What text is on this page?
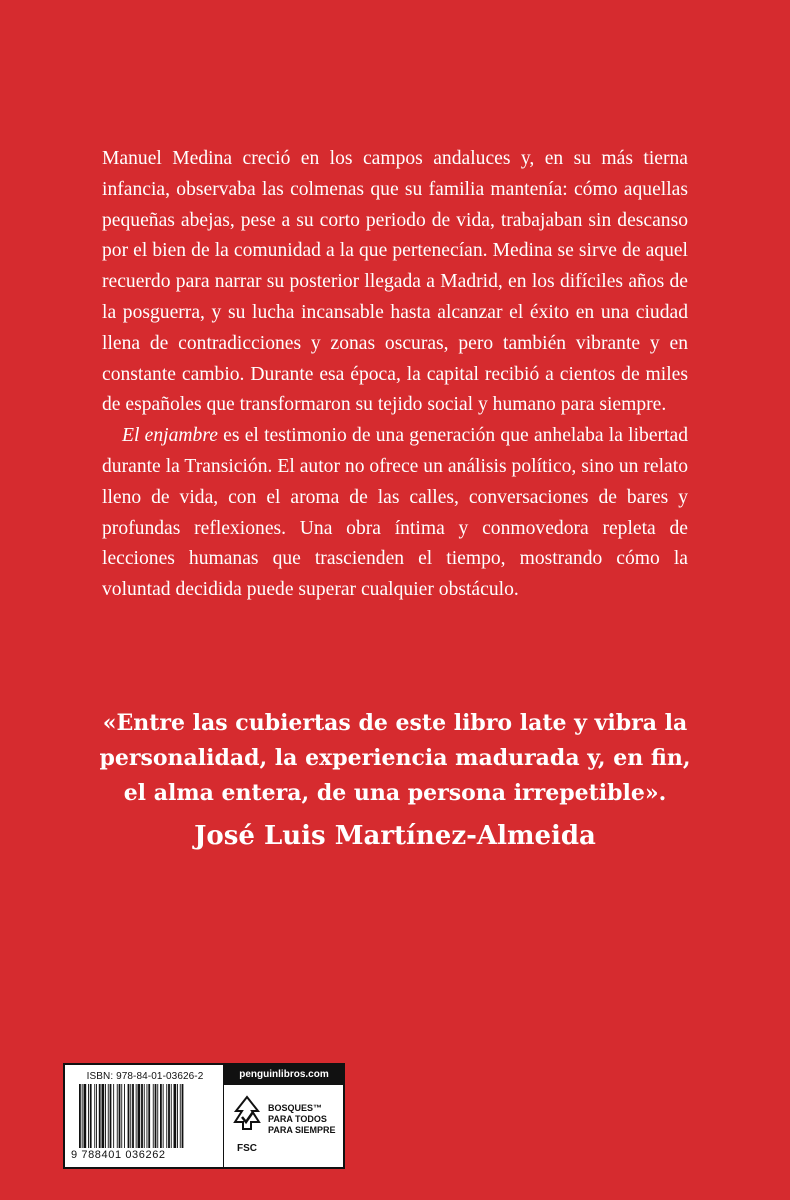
Manuel Medina creció en los campos andaluces y, en su más tierna infancia, observaba las colmenas que su familia mantenía: cómo aquellas pequeñas abejas, pese a su corto periodo de vida, trabajaban sin descanso por el bien de la comunidad a la que pertenecían. Medina se sirve de aquel recuerdo para narrar su posterior llegada a Madrid, en los difíciles años de la posguerra, y su lucha incansable hasta alcanzar el éxito en una ciudad llena de contradicciones y zonas oscuras, pero también vibrante y en constante cambio. Durante esa época, la capital recibió a cientos de miles de españoles que transformaron su tejido social y humano para siempre.

El enjambre es el testimonio de una generación que anhelaba la libertad durante la Transición. El autor no ofrece un análisis político, sino un relato lleno de vida, con el aroma de las calles, conversaciones de bares y profundas reflexiones. Una obra íntima y conmovedora repleta de lecciones humanas que trascienden el tiempo, mostrando cómo la voluntad decidida puede superar cualquier obstáculo.

«Entre las cubiertas de este libro late y vibra la
personalidad, la experiencia madurada y, en fin,
el alma entera, de una persona irrepetible».

José Luis Martínez-Almeida

ISBN: 978-84-01-03626-2
9 788401 036262
penguinlibros.com
FSC
BOSQUES™
PARA TODOS
PARA SIEMPRE
